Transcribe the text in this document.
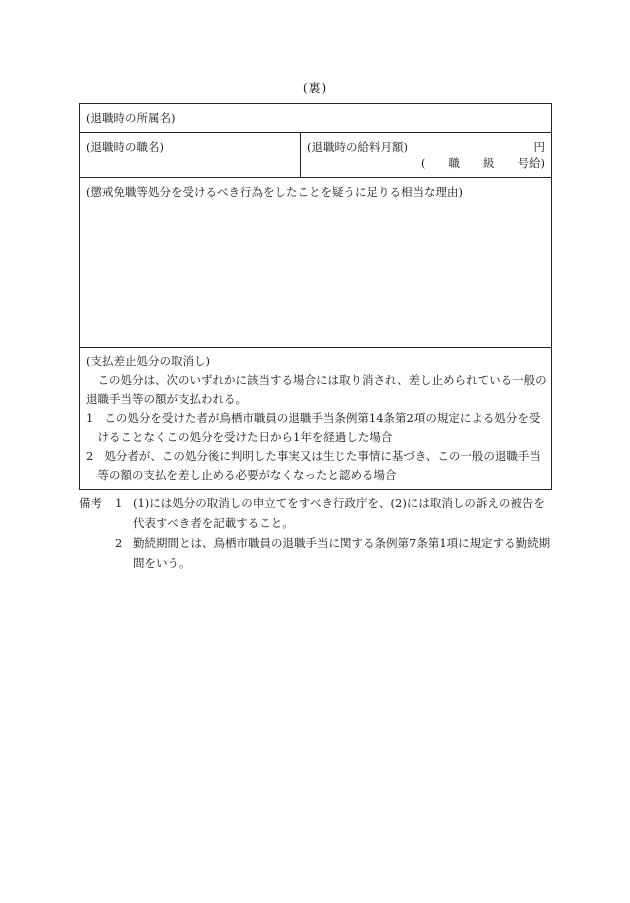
(裏)
(退職時の所属名)
(退職時の職名)	(退職時の給料月額)	円
(　　職　　級　　号給)
(懲戒免職等処分を受けるべき行為をしたことを疑うに足りる相当な理由)
(支払差止処分の取消し)

この処分は、次のいずれかに該当する場合には取り消され、差し止められている一般の退職手当等の額が支払われる。

1 この処分を受けた者が鳥栖市職員の退職手当条例第14条第2項の規定による処分を受けることなくこの処分を受けた日から1年を経過した場合

2 処分者が、この処分後に判明した事実又は生じた事情に基づき、この一般の退職手当等の額の支払を差し止める必要がなくなったと認める場合

備考	1 (1)には処分の取消しの申立てをすべき行政庁を、(2)には取消しの訴えの被告を代表すべき者を記載すること。
2 勤続期間とは、鳥栖市職員の退職手当に関する条例第7条第1項に規定する勤続期間をいう。
